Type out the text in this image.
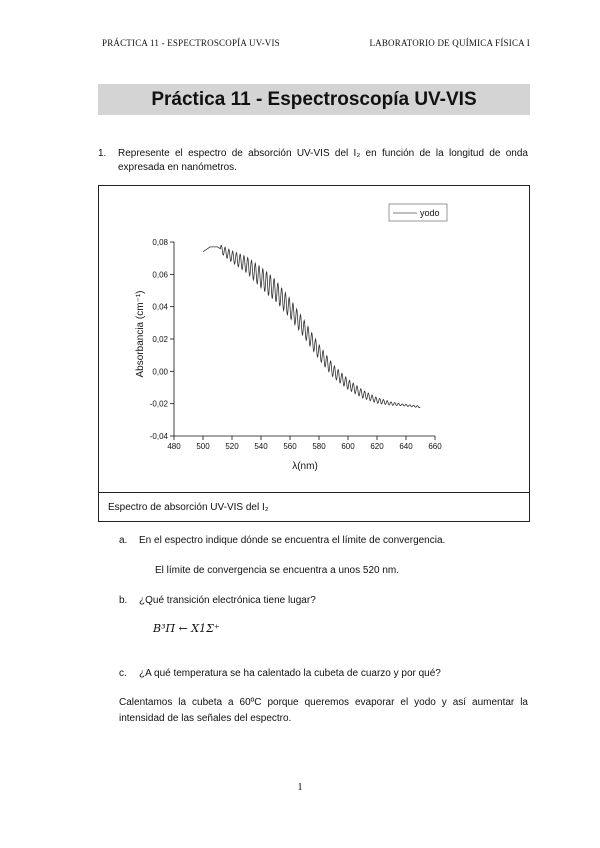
PRÁCTICA 11 - ESPECTROSCOPÍA UV-VIS	LABORATORIO DE QUÍMICA FÍSICA I
Práctica 11 - Espectroscopía UV-VIS
1. Represente el espectro de absorción UV-VIS del I₂ en función de la longitud de onda expresada en nanómetros.
480 500 520 540 560 580 600 620 640 660
-0,04
-0,02
0,00
0,02
0,04
0,06
0,08
yodo
λ(nm)
Absorbancia (cm⁻¹)
Espectro de absorción UV-VIS del I₂
a. En el espectro indique dónde se encuentra el límite de convergencia.
El límite de convergencia se encuentra a unos 520 nm.
b. ¿Qué transición electrónica tiene lugar?
B³Π ← X1Σ⁺
c. ¿A qué temperatura se ha calentado la cubeta de cuarzo y por qué?
Calentamos la cubeta a 60ºC porque queremos evaporar el yodo y así aumentar la intensidad de las señales del espectro.
1
